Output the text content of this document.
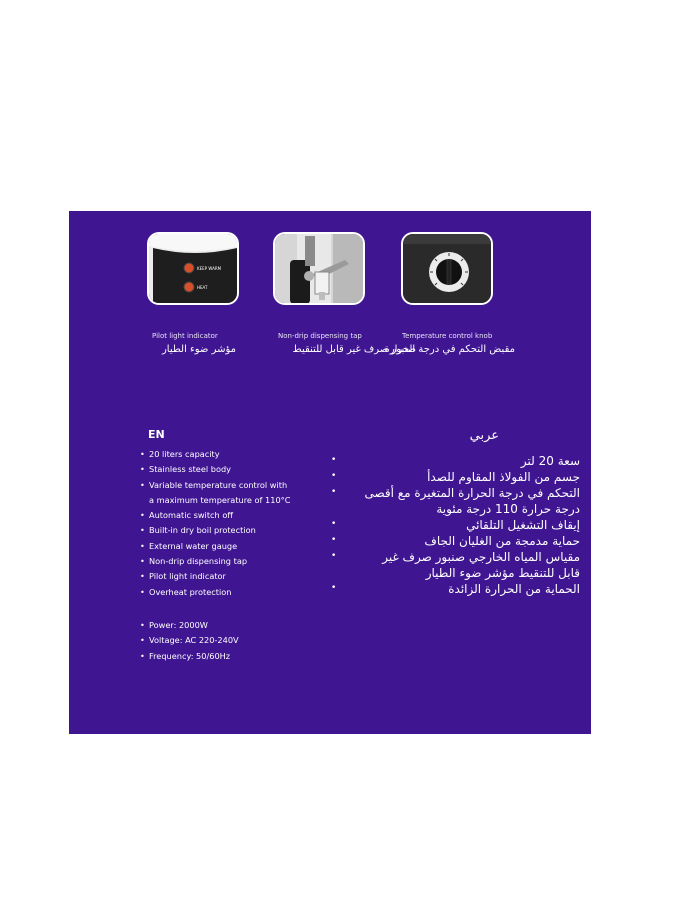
KEEP WARM
HEAT
Pilot light indicator	Non-drip dispensing tap	Temperature control knob
مؤشر ضوء الطيار	صنبور صرف غير قابل للتنقيط
مقبض التحكم في درجة الحرارة
EN
• 20 liters capacity
• Stainless steel body
• Variable temperature control with
a maximum temperature of 110°C
• Automatic switch off
• Built-in dry boil protection
• External water gauge
• Non-drip dispensing tap
• Pilot light indicator
• Overheat protection
• Power: 2000W
• Voltage: AC 220-240V
• Frequency: 50/60Hz
عربي
•
•
•

•
•
•

•
سعة 20 لتر
جسم من الفولاذ المقاوم للصدأ
التحكم في درجة الحرارة المتغيرة مع أقصى
درجة حرارة 110 درجة مئوية
إيقاف التشغيل التلقائي
حماية مدمجة من الغليان الجاف
مقياس المياه الخارجي صنبور صرف غير
قابل للتنقيط مؤشر ضوء الطيار
الحماية من الحرارة الزائدة
